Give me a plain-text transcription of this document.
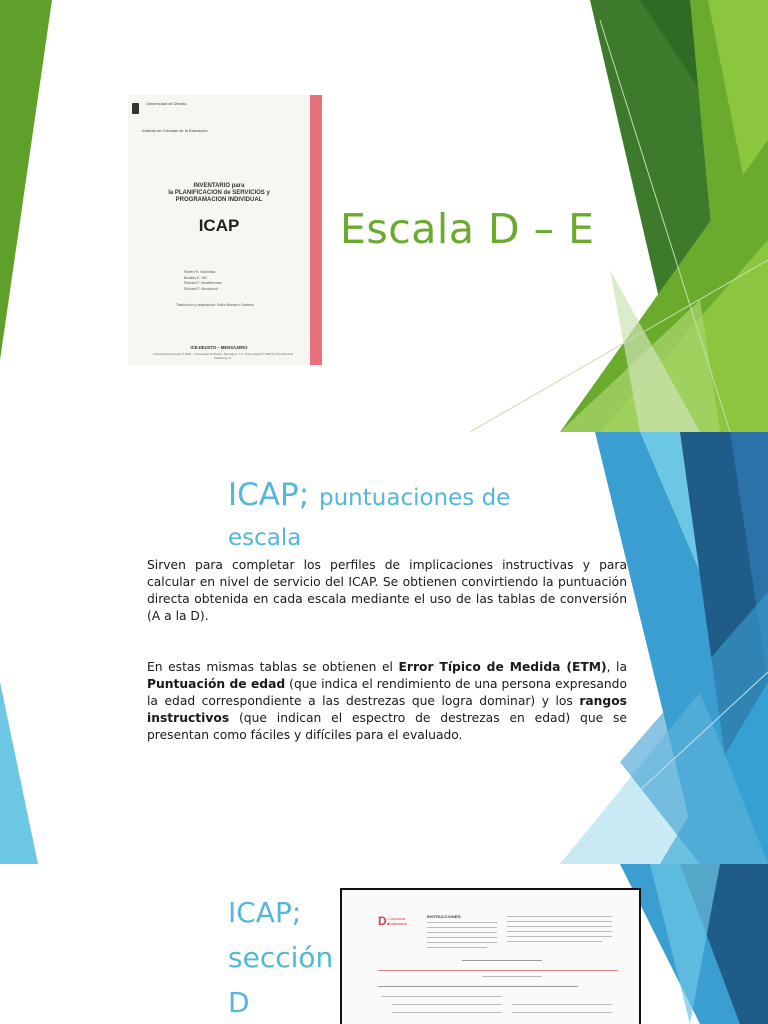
Universidad de Deusto
Instituto de Ciencias de la Educación
INVENTARIO para
la PLANIFICACION de SERVICIOS y
PROGRAMACION INDIVIDUAL
ICAP
Robert H. Bruininks
Bradley K. Hill
Richard F. Weatherman
Richard F. Woodcock
Traducción y adaptación: Sofía Montero Centeno
ICE-DEUSTO – MENSAJERO
Universidad de Deusto © 1993 – Universidad de Deusto, Mensajero, S.A. Título original © 1986 by The Riverside Publishing Co.
Escala D – E
ICAP; puntuaciones de escala
Sirven para completar los perfiles de implicaciones instructivas y para calcular en nivel de servicio del ICAP. Se obtienen convirtiendo la puntuación directa obtenida en cada escala mediante el uso de las tablas de conversión (A a la D).
En estas mismas tablas se obtienen el Error Típico de Medida (ETM), la Puntuación de edad (que indica el rendimiento de una persona expresando la edad correspondiente a las destrezas que logra dominar) y los rangos instructivos (que indican el espectro de destrezas en edad) que se presentan como fáciles y difíciles para el evaluado.
ICAP;
sección
D
D.
Conducta Adaptativa
INSTRUCCIONES:
